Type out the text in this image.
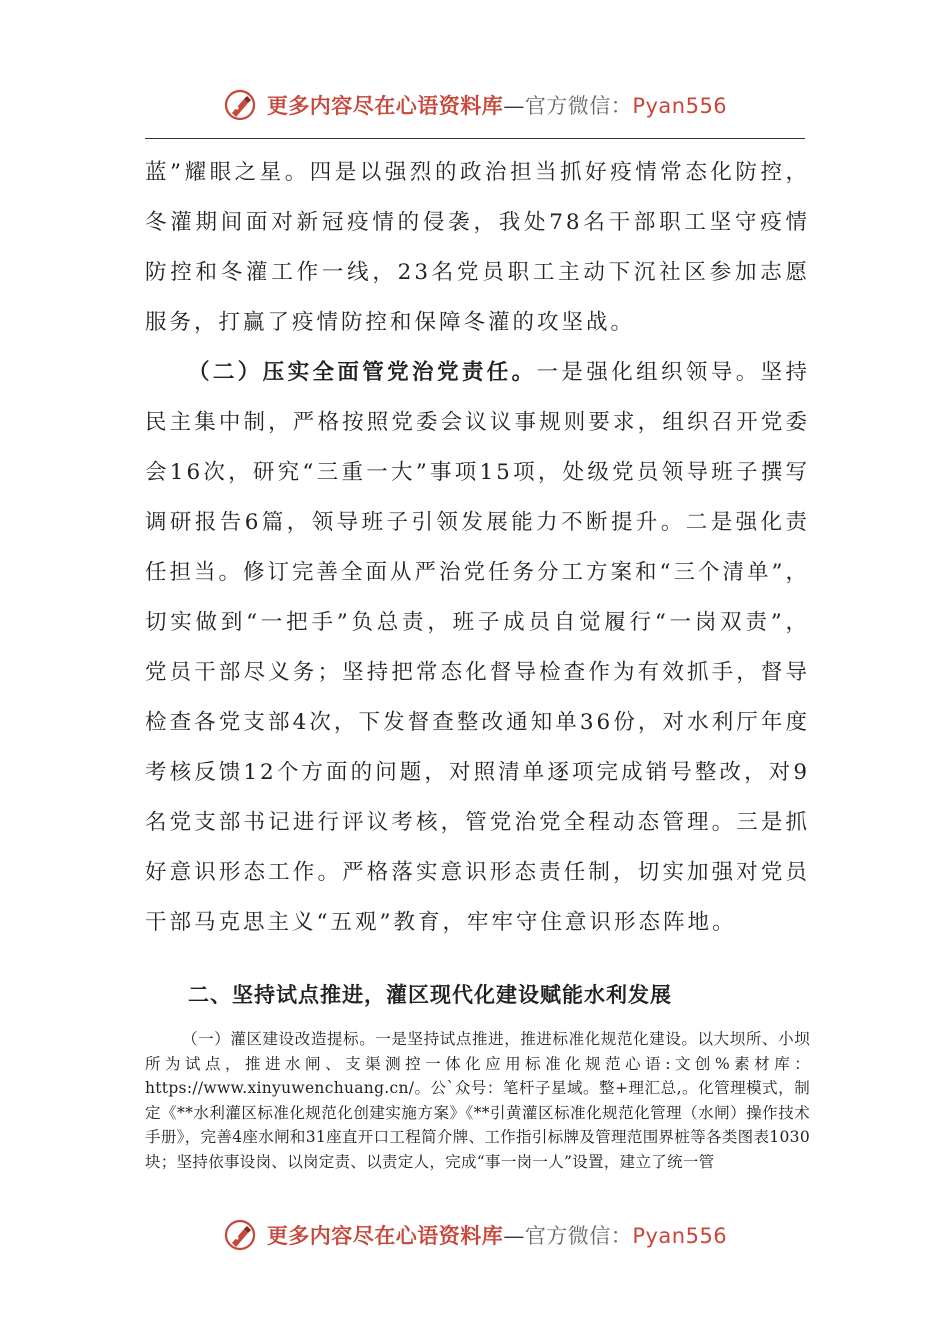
更多内容尽在心语资料库—官方微信：Pyan556
蓝”耀眼之星。四是以强烈的政治担当抓好疫情常态化防控，冬灌期间面对新冠疫情的侵袭，我处78名干部职工坚守疫情防控和冬灌工作一线，23名党员职工主动下沉社区参加志愿服务，打赢了疫情防控和保障冬灌的攻坚战。
（二）压实全面管党治党责任。一是强化组织领导。坚持民主集中制，严格按照党委会议议事规则要求，组织召开党委会16次，研究“三重一大”事项15项，处级党员领导班子撰写调研报告6篇，领导班子引领发展能力不断提升。二是强化责任担当。修订完善全面从严治党任务分工方案和“三个清单”，切实做到“一把手”负总责，班子成员自觉履行“一岗双责”，党员干部尽义务；坚持把常态化督导检查作为有效抓手，督导检查各党支部4次，下发督查整改通知单36份，对水利厅年度考核反馈12个方面的问题，对照清单逐项完成销号整改，对9名党支部书记进行评议考核，管党治党全程动态管理。三是抓好意识形态工作。严格落实意识形态责任制，切实加强对党员干部马克思主义“五观”教育，牢牢守住意识形态阵地。
二、坚持试点推进，灌区现代化建设赋能水利发展
（一）灌区建设改造提标。一是坚持试点推进，推进标准化规范化建设。以大坝所、小坝所为试点，推进水闸、支渠测控一体化应用标准化规范心语:文创%素材库：https://www.xinyuwenchuang.cn/。公`众号：笔杆子星域。整+理汇总,。化管理模式，制定《**水利灌区标准化规范化创建实施方案》《**引黄灌区标准化规范化管理（水闸）操作技术手册》，完善4座水闸和31座直开口工程简介牌、工作指引标牌及管理范围界桩等各类图表1030块；坚持依事设岗、以岗定责、以责定人，完成“事一岗一人”设置，建立了统一管
更多内容尽在心语资料库—官方微信：Pyan556
